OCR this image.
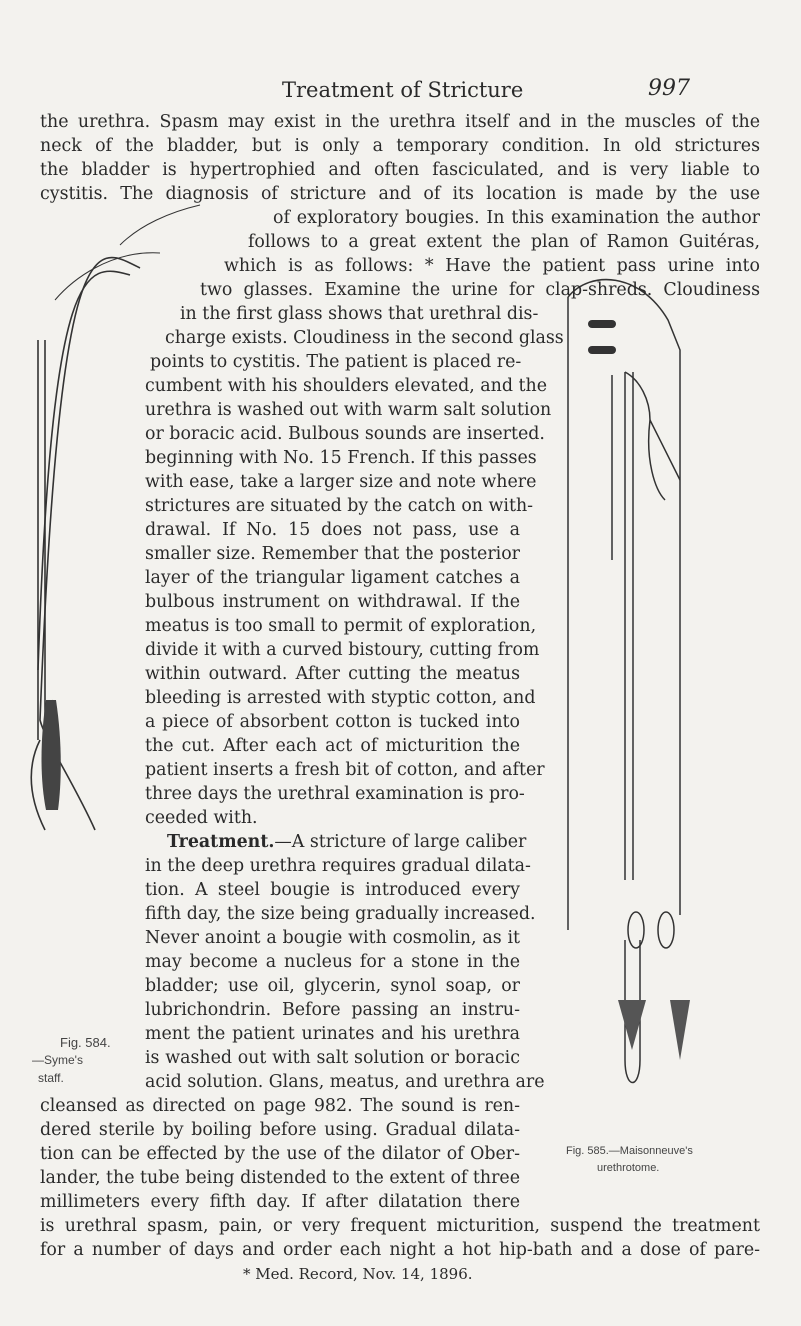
Treatment of Stricture	997
the urethra. Spasm may exist in the urethra itself and in the muscles of the
neck of the bladder, but is only a temporary condition. In old strictures
the bladder is hypertrophied and often fasciculated, and is very liable to
cystitis. The diagnosis of stricture and of its location is made by the use
of exploratory bougies. In this examination the author
follows to a great extent the plan of Ramon Guitéras,
which is as follows: * Have the patient pass urine into
two glasses. Examine the urine for clap-shreds. Cloudiness
in the first glass shows that urethral dis-
charge exists. Cloudiness in the second glass
points to cystitis. The patient is placed re-
cumbent with his shoulders elevated, and the
urethra is washed out with warm salt solution
or boracic acid. Bulbous sounds are inserted.
beginning with No. 15 French. If this passes
with ease, take a larger size and note where
strictures are situated by the catch on with-
drawal. If No. 15 does not pass, use a
smaller size. Remember that the posterior
layer of the triangular ligament catches a
bulbous instrument on withdrawal. If the
meatus is too small to permit of exploration,
divide it with a curved bistoury, cutting from
within outward. After cutting the meatus
bleeding is arrested with styptic cotton, and
a piece of absorbent cotton is tucked into
the cut. After each act of micturition the
patient inserts a fresh bit of cotton, and after
three days the urethral examination is pro-
ceeded with.
Treatment.—A stricture of large caliber
in the deep urethra requires gradual dilata-
tion. A steel bougie is introduced every
fifth day, the size being gradually increased.
Never anoint a bougie with cosmolin, as it
may become a nucleus for a stone in the
bladder; use oil, glycerin, synol soap, or
lubrichondrin. Before passing an instru-
ment the patient urinates and his urethra
is washed out with salt solution or boracic
acid solution. Glans, meatus, and urethra are
cleansed as directed on page 982. The sound is ren-
dered sterile by boiling before using. Gradual dilata-
tion can be effected by the use of the dilator of Ober-
lander, the tube being distended to the extent of three
millimeters every fifth day. If after dilatation there
is urethral spasm, pain, or very frequent micturition, suspend the treatment
for a number of days and order each night a hot hip-bath and a dose of pare-
* Med. Record, Nov. 14, 1896.
Fig. 584.
—Syme's
staff.
Fig. 585.—Maisonneuve's
urethrotome.
